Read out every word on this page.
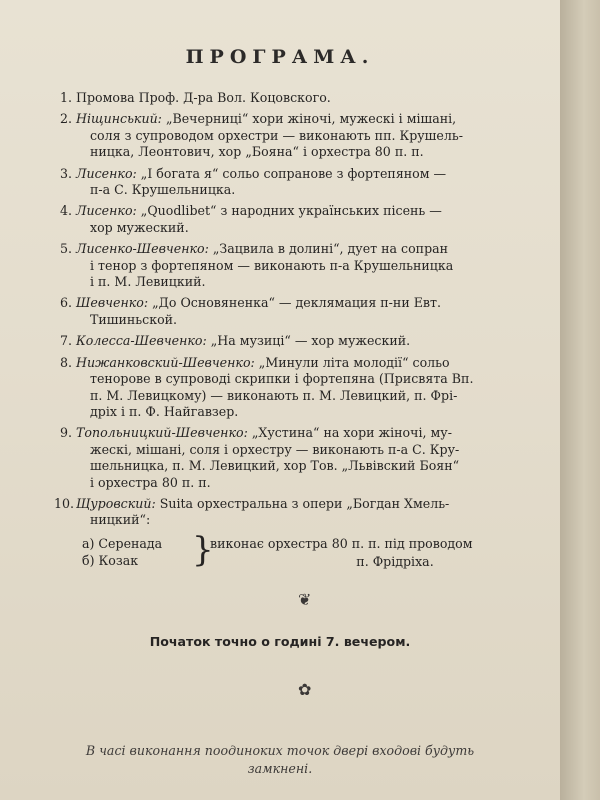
ПРОГРАМА.
1. Промова Проф. Д-ра Вол. Коцовского.
2. Ніщинський: „Вечерниці“ хори жіночі, мужескі і мішані,
соля з супроводом орхестри — виконають пп. Крушель-
ницка, Леонтович, хор „Бояна“ і орхестра 80 п. п.
3. Лисенко: „І богата я“ сольо сопранове з фортепяном —
п-а С. Крушельницка.
4. Лисенко: „Quodlibet“ з народних українських пісень —
хор мужеский.
5. Лисенко-Шевченко: „Зацвила в долині“, дует на сопран
і тенор з фортепяном — виконають п-а Крушельницка
і п. М. Левицкий.
6. Шевченко: „До Основяненка“ — деклямация п-ни Евт.
Тишиньской.
7. Колесса-Шевченко: „На музиці“ — хор мужеский.
8. Нижанковский-Шевченко: „Минули літа молодії“ сольо
тенорове в супроводі скрипки і фортепяна (Присвята Вп.
п. М. Левицкому) — виконають п. М. Левицкий, п. Фрі-
дріх і п. Ф. Найгавзер.
9. Топольницкий-Шевченко: „Хустина“ на хори жіночі, му-
жескі, мішані, соля і орхестру — виконають п-а С. Кру-
шельницка, п. М. Левицкий, хор Тов. „Львівский Боян“
і орхестра 80 п. п.
10. Щуровский: Suita орхестральна з опери „Богдан Хмель-
ницкий“:
а) Серенада
б) Козак	}
виконає орхестра 80 п. п. під проводом
п. Фрідріха.
❦
Початок точно о годині 7. вечером.
✿
В часі виконання поодиноких точок двері входові будуть
замкнені.
